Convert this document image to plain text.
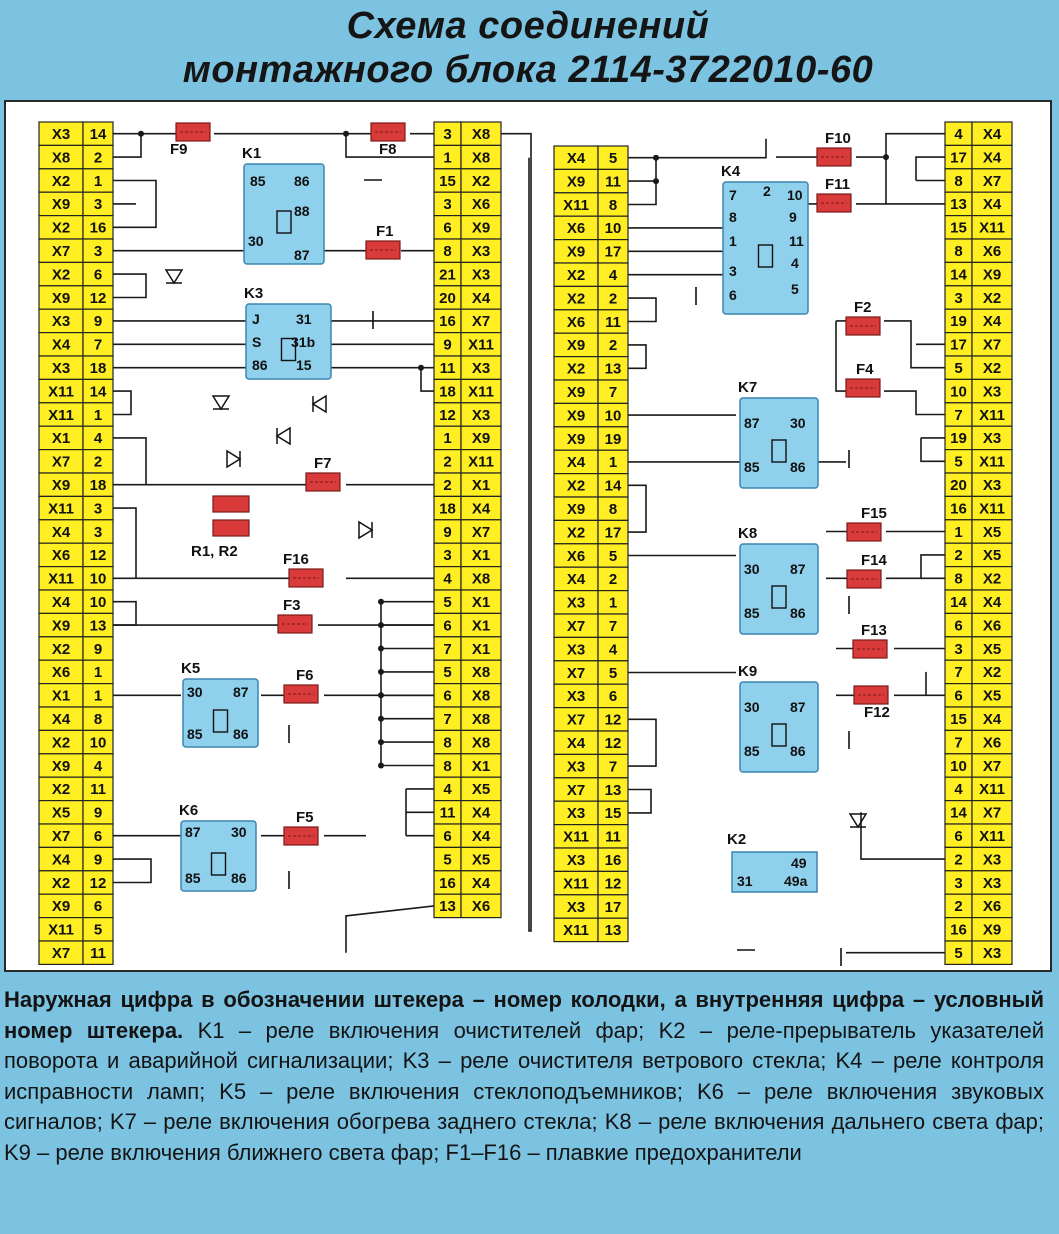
Схема соединений
монтажного блока 2114-3722010-60
X3 14
X8 2
X2 1
X9 3
X2 16
X7 3
X2 6
X9 12
X3 9
X4 7
X3 18
X11 14
X11 1
X1 4
X7 2
X9 18
X11 3
X4 3
X6 12
X11 10
X4 10
X9 13
X2 9
X6 1
X1 1
X4 8
X2 10
X9 4
X2 11
X5 9
X7 6
X4 9
X2 12
X9 6
X11 5
X7 11
3 X8
1 X8
15 X2
3 X6
6 X9
8 X3
21 X3
20 X4
16 X7
9 X11
11 X3
18 X11
12 X3
1 X9
2 X11
2 X1
18 X4
9 X7
3 X1
4 X8
5 X1
6 X1
7 X1
5 X8
6 X8
7 X8
8 X8
8 X1
4 X5
11 X4
6 X4
5 X5
16 X4
13 X6
X4 5
X9 11
X11 8
X6 10
X9 17
X2 4
X2 2
X6 11
X9 2
X2 13
X9 7
X9 10
X9 19
X4 1
X2 14
X9 8
X2 17
X6 5
X4 2
X3 1
X7 7
X3 4
X7 5
X3 6
X7 12
X4 12
X3 7
X7 13
X3 15
X11 11
X3 16
X11 12
X3 17
X11 13
4 X4
17 X4
8 X7
13 X4
15 X11
8 X6
14 X9
3 X2
19 X4
17 X7
5 X2
10 X3
7 X11
19 X3
5 X11
20 X3
16 X11
1 X5
2 X5
8 X2
14 X4
6 X6
3 X5
7 X2
6 X5
15 X4
7 X6
10 X7
4 X11
14 X7
6 X11
2 X3
3 X3
2 X6
16 X9
5 X3
K1
85 86
88
30
87
K3
J	31
S 31b
86 15
K5
30 87
85 86
K6
87 30
85 86
K7
87 30
85 86
K8
30 87
85 86
K9
30 87
85 86
K4
7 2 10
8	9
1	11
3	4
6	5
K2
49
31 49a
F9	F8
F1
F7
F16
F3
F6
F5
F10
F11
F2
F4
F15
F14
F13
F12
R1, R2
Наружная цифра в обозначении штекера – номер колодки, а внутренняя цифра – условный номер штекера. K1 – реле включения очистителей фар; K2 – реле-прерыватель указателей поворота и аварийной сигнализации; K3 – реле очистителя ветрового стекла; K4 – реле контроля исправности ламп; K5 – реле включения стеклоподъемников; K6 – реле включения звуковых сигналов; K7 – реле включения обогрева заднего стекла; K8 – реле включения дальнего света фар; K9 – реле включения ближнего света фар; F1–F16 – плавкие предохранители
